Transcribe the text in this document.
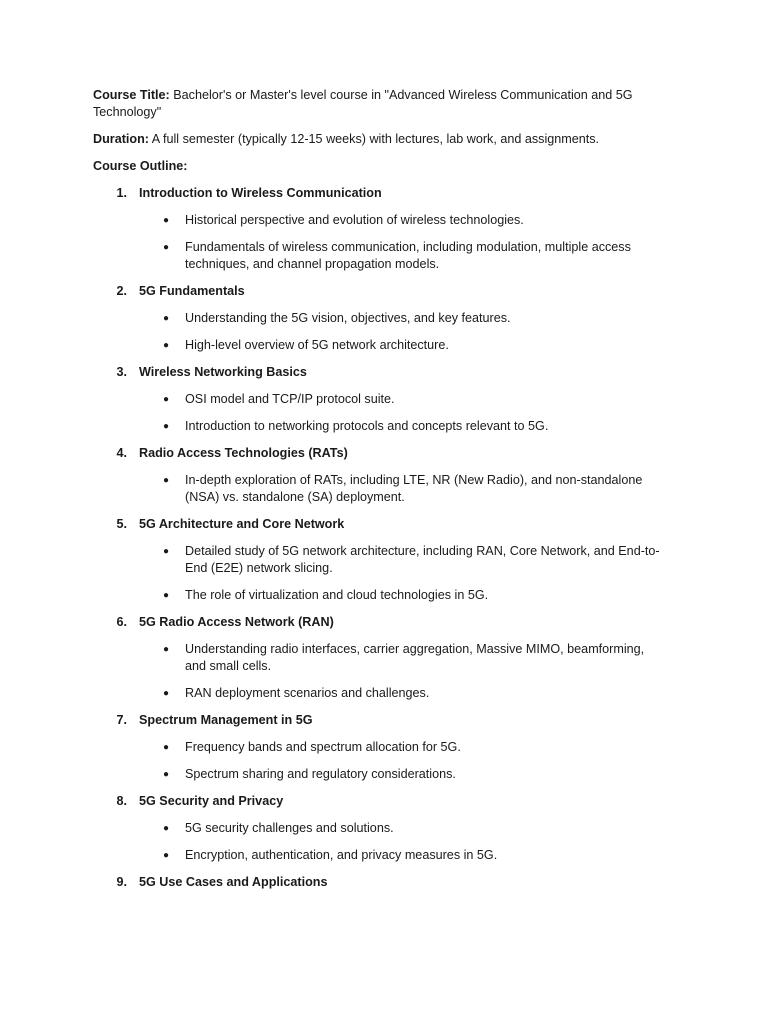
Course Title: Bachelor's or Master's level course in "Advanced Wireless Communication and 5G Technology"

Duration: A full semester (typically 12-15 weeks) with lectures, lab work, and assignments.

Course Outline:

1. Introduction to Wireless Communication
●	Historical perspective and evolution of wireless technologies.
●	Fundamentals of wireless communication, including modulation, multiple access techniques, and channel propagation models.
2. 5G Fundamentals
●	Understanding the 5G vision, objectives, and key features.
●	High-level overview of 5G network architecture.
3. Wireless Networking Basics
●	OSI model and TCP/IP protocol suite.
●	Introduction to networking protocols and concepts relevant to 5G.
4. Radio Access Technologies (RATs)
●	In-depth exploration of RATs, including LTE, NR (New Radio), and non-standalone (NSA) vs. standalone (SA) deployment.
5. 5G Architecture and Core Network
●	Detailed study of 5G network architecture, including RAN, Core Network, and End-to-End (E2E) network slicing.
●	The role of virtualization and cloud technologies in 5G.
6. 5G Radio Access Network (RAN)
●	Understanding radio interfaces, carrier aggregation, Massive MIMO, beamforming, and small cells.
●	RAN deployment scenarios and challenges.
7. Spectrum Management in 5G
●	Frequency bands and spectrum allocation for 5G.
●	Spectrum sharing and regulatory considerations.
8. 5G Security and Privacy
●	5G security challenges and solutions.
●	Encryption, authentication, and privacy measures in 5G.
9. 5G Use Cases and Applications
